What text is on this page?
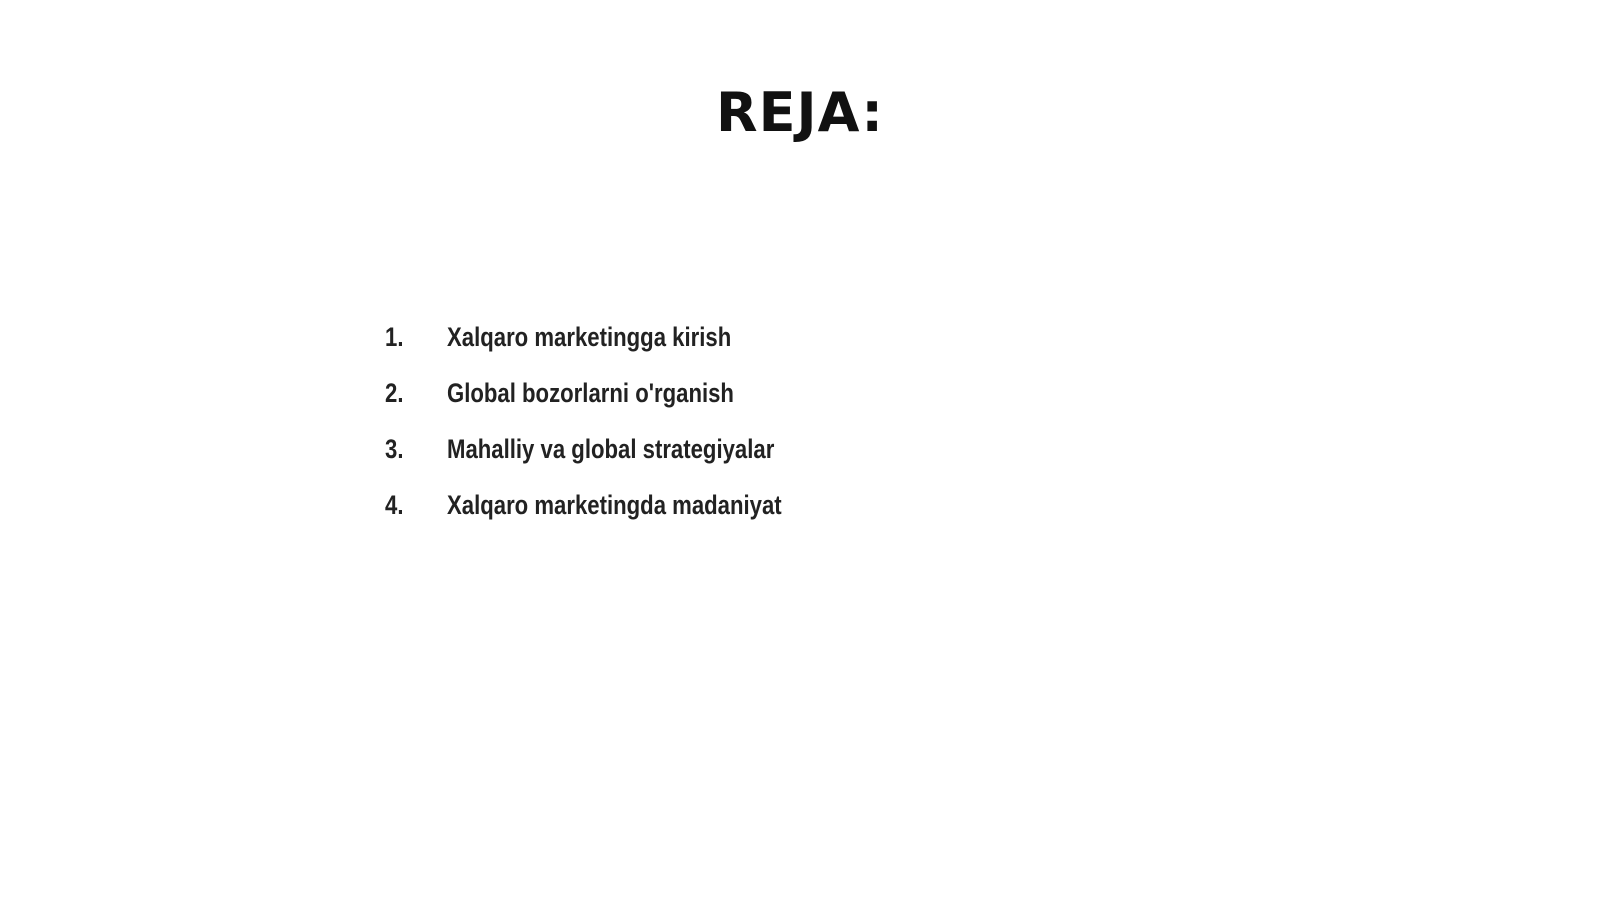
REJA:
1.	Xalqaro marketingga kirish
2.	Global bozorlarni o'rganish
3.	Mahalliy va global strategiyalar
4.	Xalqaro marketingda madaniyat
